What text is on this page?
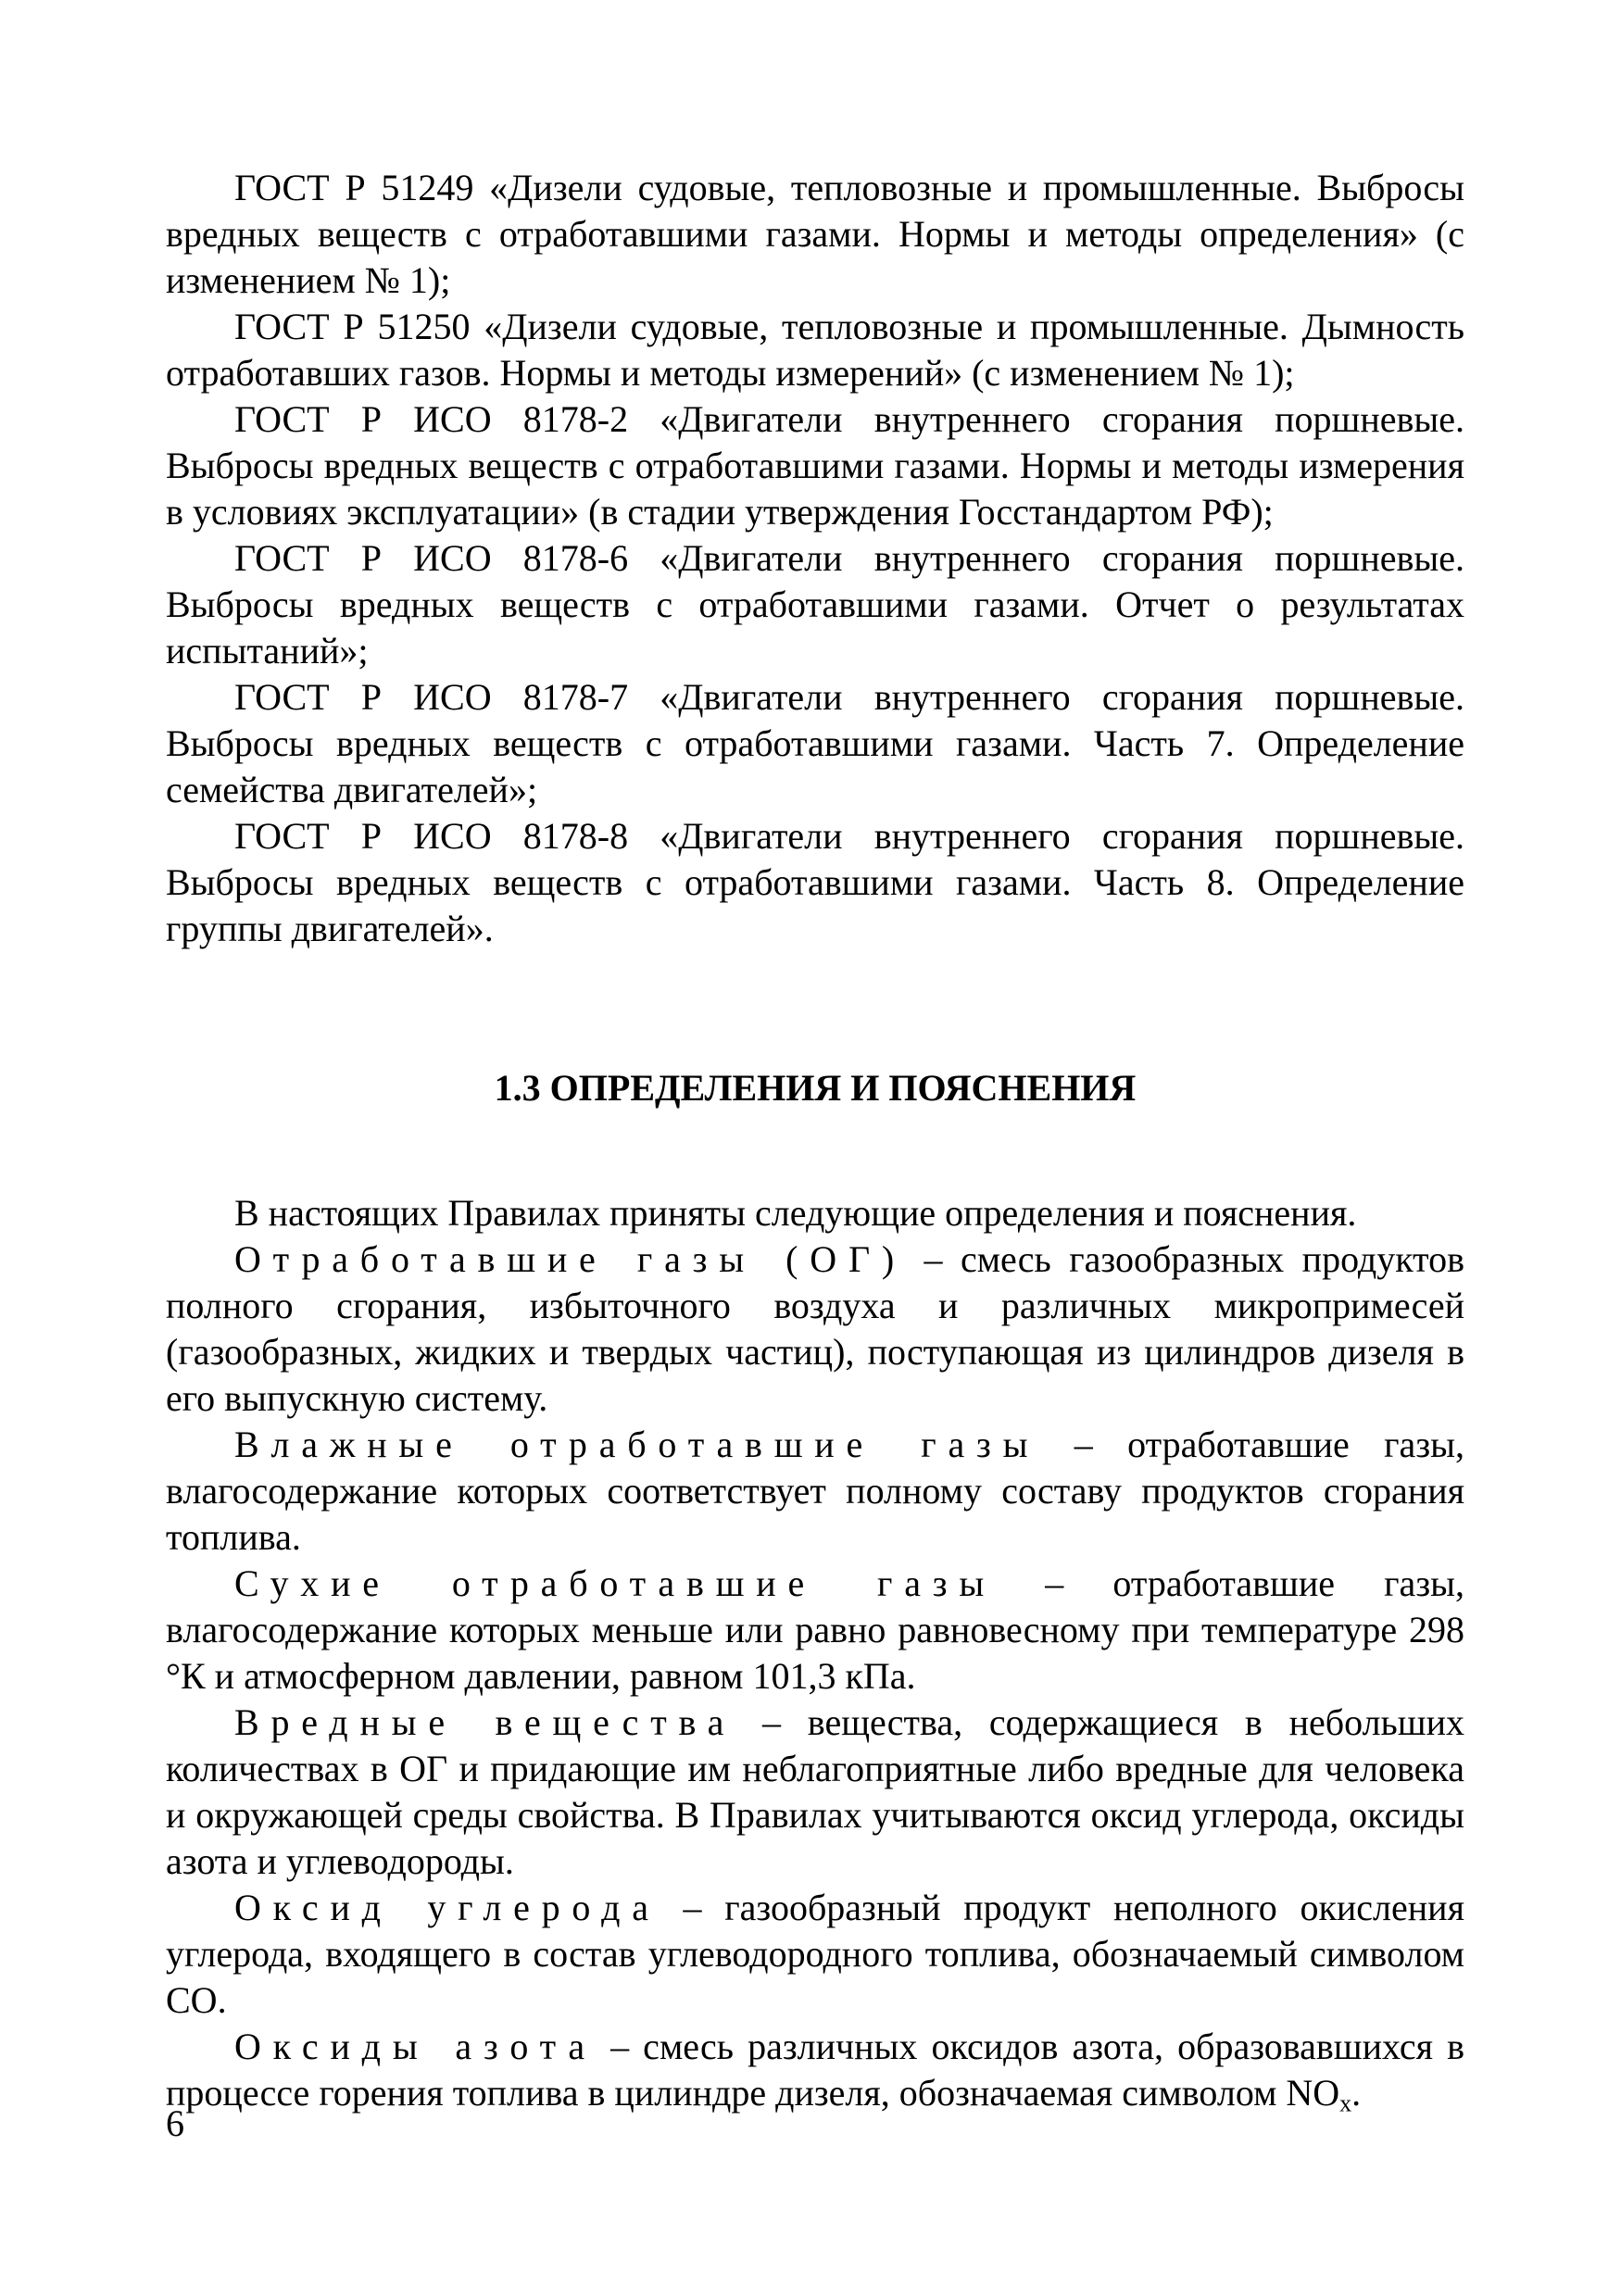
ГОСТ Р 51249 «Дизели судовые, тепловозные и промышленные. Выбросы вредных веществ с отработавшими газами. Нормы и методы определения» (с изменением № 1);

ГОСТ Р 51250 «Дизели судовые, тепловозные и промышленные. Дымность отработавших газов. Нормы и методы измерений» (с изменением № 1);

ГОСТ Р ИСО 8178-2 «Двигатели внутреннего сгорания поршневые. Выбросы вредных веществ с отработавшими газами. Нормы и методы измерения в условиях эксплуатации» (в стадии утверждения Госстандартом РФ);

ГОСТ Р ИСО 8178-6 «Двигатели внутреннего сгорания поршневые. Выбросы вредных веществ с отработавшими газами. Отчет о результатах испытаний»;

ГОСТ Р ИСО 8178-7 «Двигатели внутреннего сгорания поршневые. Выбросы вредных веществ с отработавшими газами. Часть 7. Определение семейства двигателей»;

ГОСТ Р ИСО 8178-8 «Двигатели внутреннего сгорания поршневые. Выбросы вредных веществ с отработавшими газами. Часть 8. Определение группы двигателей».

1.3 ОПРЕДЕЛЕНИЯ И ПОЯСНЕНИЯ

В настоящих Правилах приняты следующие определения и пояснения.

Отработавшие газы (ОГ) – смесь газообразных продуктов полного сгорания, избыточного воздуха и различных микропримесей (газообразных, жидких и твердых частиц), поступающая из цилиндров дизеля в его выпускную систему.

Влажные отработавшие газы – отработавшие газы, влагосодержание которых соответствует полному составу продуктов сгорания топлива.

Сухие отработавшие газы – отработавшие газы, влагосодержание которых меньше или равно равновесному при температуре 298 °К и атмосферном давлении, равном 101,3 кПа.

Вредные вещества – вещества, содержащиеся в небольших количествах в ОГ и придающие им неблагоприятные либо вредные для человека и окружающей среды свойства. В Правилах учитываются оксид углерода, оксиды азота и углеводороды.

Оксид углерода – газообразный продукт неполного окисления углерода, входящего в состав углеводородного топлива, обозначаемый символом СО.

Оксиды азота – смесь различных оксидов азота, образовавшихся в процессе горения топлива в цилиндре дизеля, обозначаемая символом $NO_x$.

6
